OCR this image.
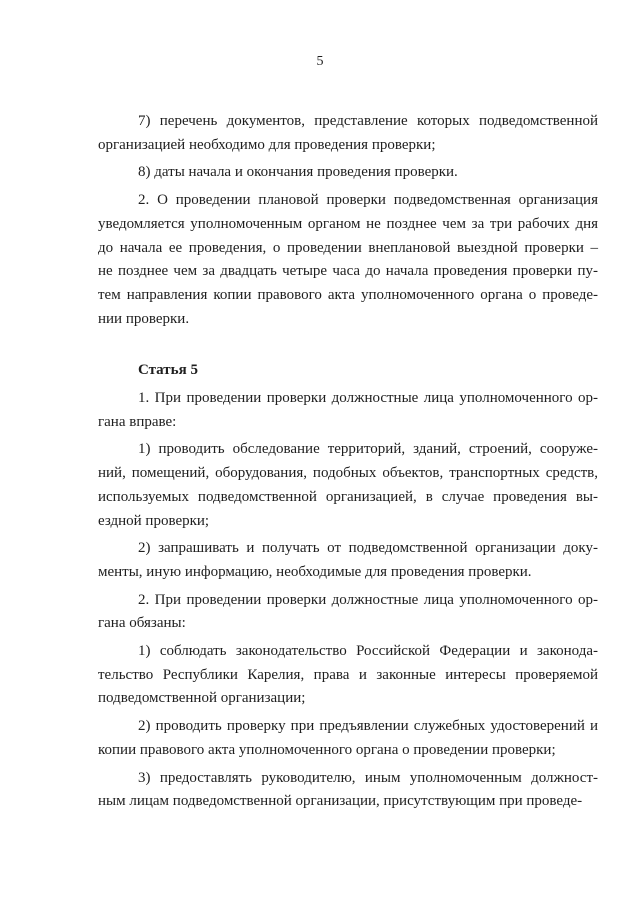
5

7) перечень документов, представление которых подведомственной
организацией необходимо для проведения проверки;

8) даты начала и окончания проведения проверки.

2. О проведении плановой проверки подведомственная организация
уведомляется уполномоченным органом не позднее чем за три рабочих дня
до начала ее проведения, о проведении внеплановой выездной проверки –
не позднее чем за двадцать четыре часа до начала проведения проверки пу-
тем направления копии правового акта уполномоченного органа о проведе-
нии проверки.

Статья 5

1. При проведении проверки должностные лица уполномоченного ор-
гана вправе:

1) проводить обследование территорий, зданий, строений, сооруже-
ний, помещений, оборудования, подобных объектов, транспортных средств,
используемых подведомственной организацией, в случае проведения вы-
ездной проверки;

2) запрашивать и получать от подведомственной организации доку-
менты, иную информацию, необходимые для проведения проверки.

2. При проведении проверки должностные лица уполномоченного ор-
гана обязаны:

1) соблюдать законодательство Российской Федерации и законода-
тельство Республики Карелия, права и законные интересы проверяемой
подведомственной организации;

2) проводить проверку при предъявлении служебных удостоверений и
копии правового акта уполномоченного органа о проведении проверки;

3) предоставлять руководителю, иным уполномоченным должност-
ным лицам подведомственной организации, присутствующим при проведе-
